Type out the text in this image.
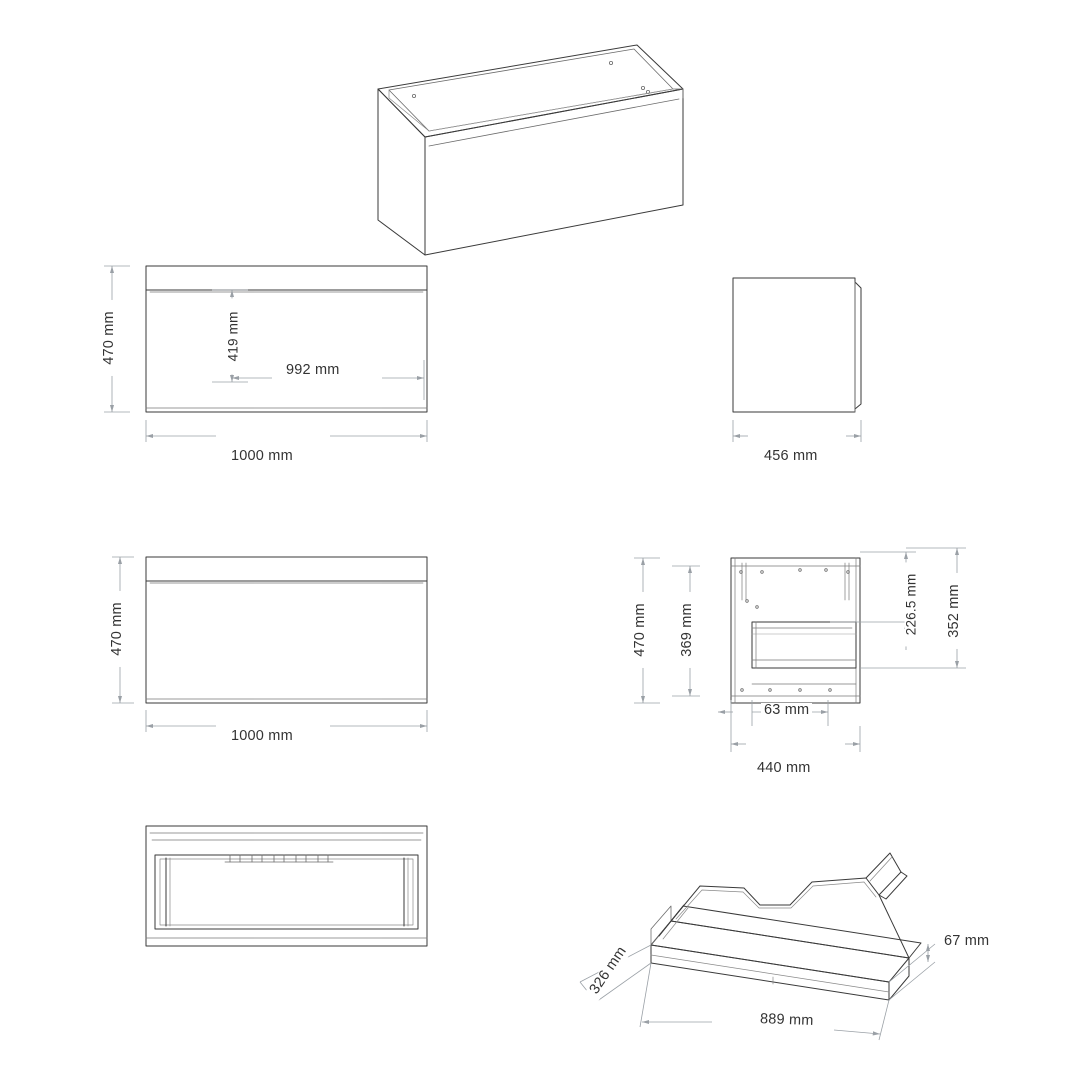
470 mm	419 mm
992 mm
1000 mm	456 mm
470 mm
1000 mm
470 mm 369 mm	226.5 mm 352 mm
63 mm
440 mm
67 mm
326 mm
889 mm
